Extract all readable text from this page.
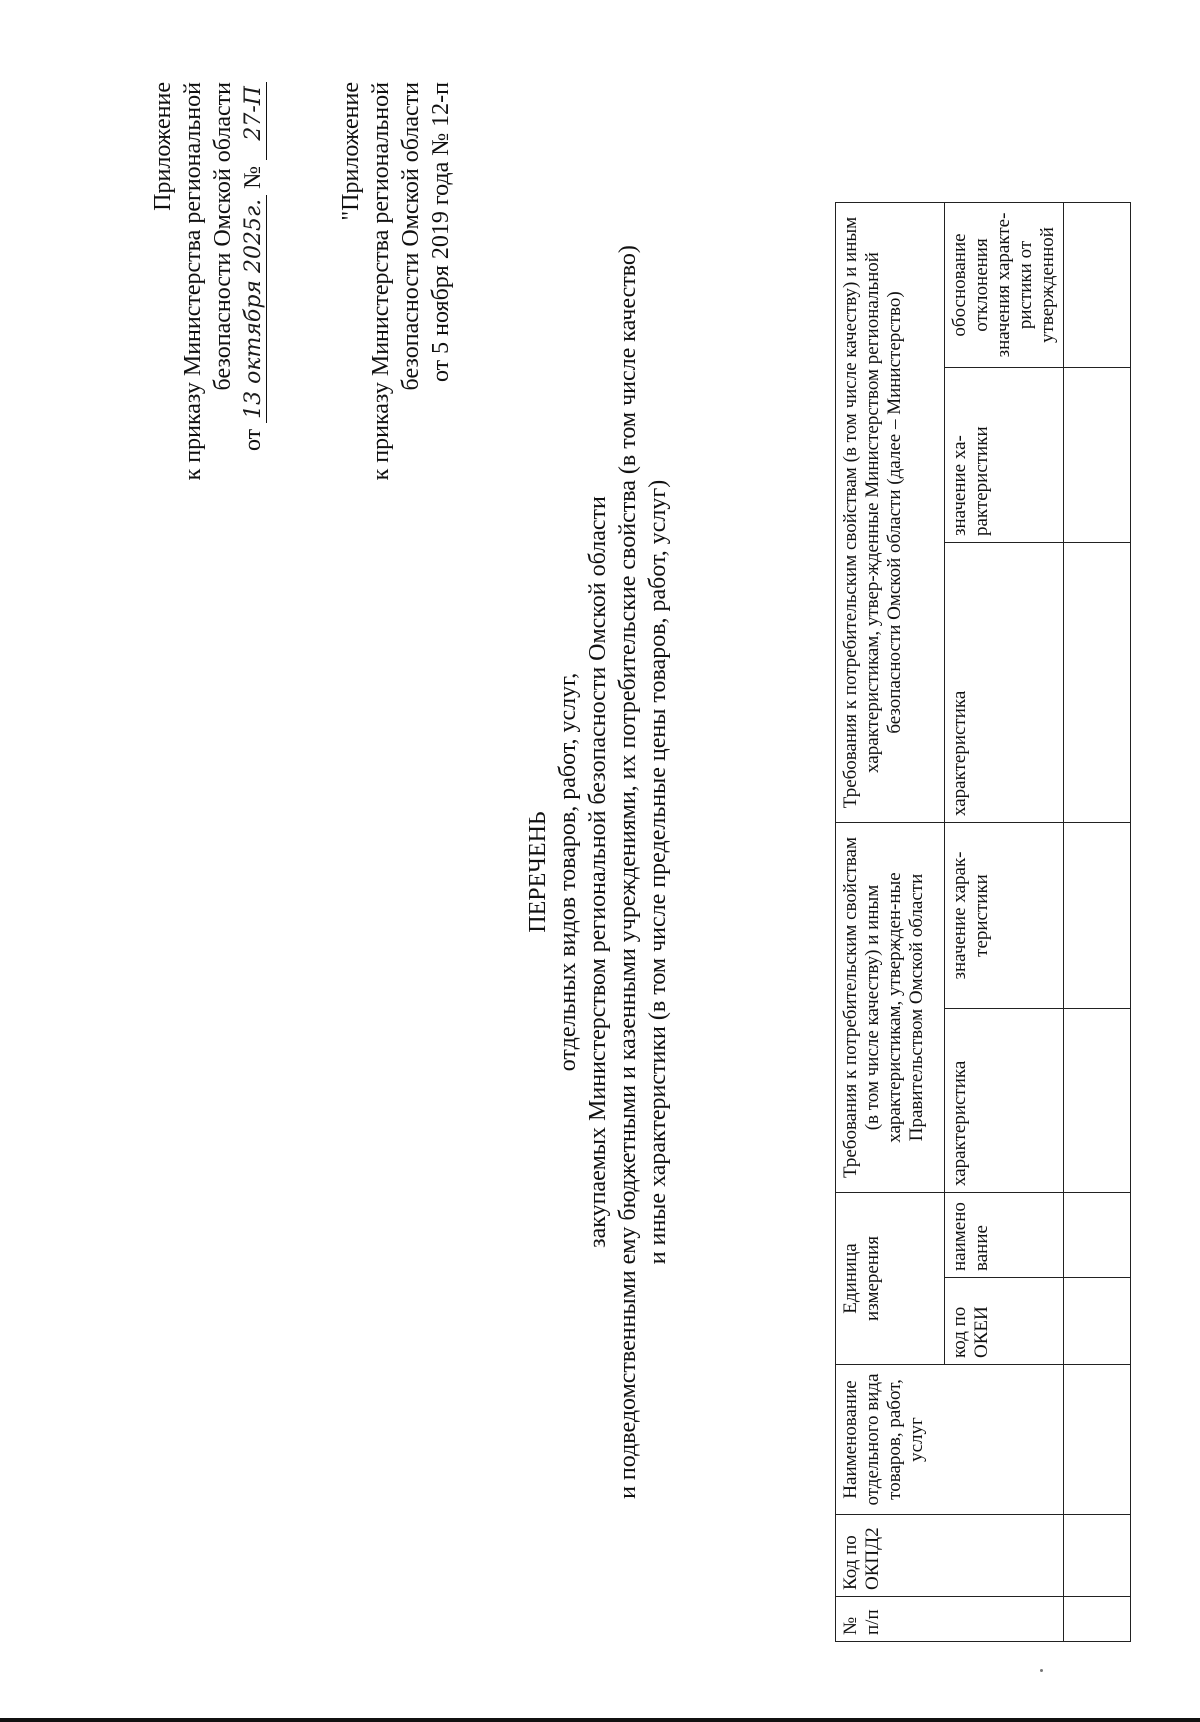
Приложение к приказу Министерства региональной безопасности Омской области
от 13 октября 2025г. № 27-П	"Приложение к приказу Министерства региональной безопасности Омской области от 5 ноября 2019 года № 12-п
ПЕРЕЧЕНЬ отдельных видов товаров, работ, услуг, закупаемых Министерством региональной безопасности Омской области и подведомственными ему бюджетными и казенными учреждениями, их потребительские свойства (в том числе качество) и иные характеристики (в том числе предельные цены товаров, работ, услуг)
№ п/п	Код по ОКПД2	Наименование отдельного вида товаров, работ, услуг	Единица измерения		Требования к потребительским свойствам (в том числе качеству) и иным характеристикам, утвержден-ные Правительством Омской области		Требования к потребительским свойствам (в том числе качеству) и иным характеристикам, утвер-жденные Министерством региональной безопасности Омской области (далее – Министерство)		
			код по ОКЕИ	наимено вание	характеристика	значение харак-теристики	характеристика	значение ха-рактеристики	обоснование отклонения значения характе-ристики от утвержденной
